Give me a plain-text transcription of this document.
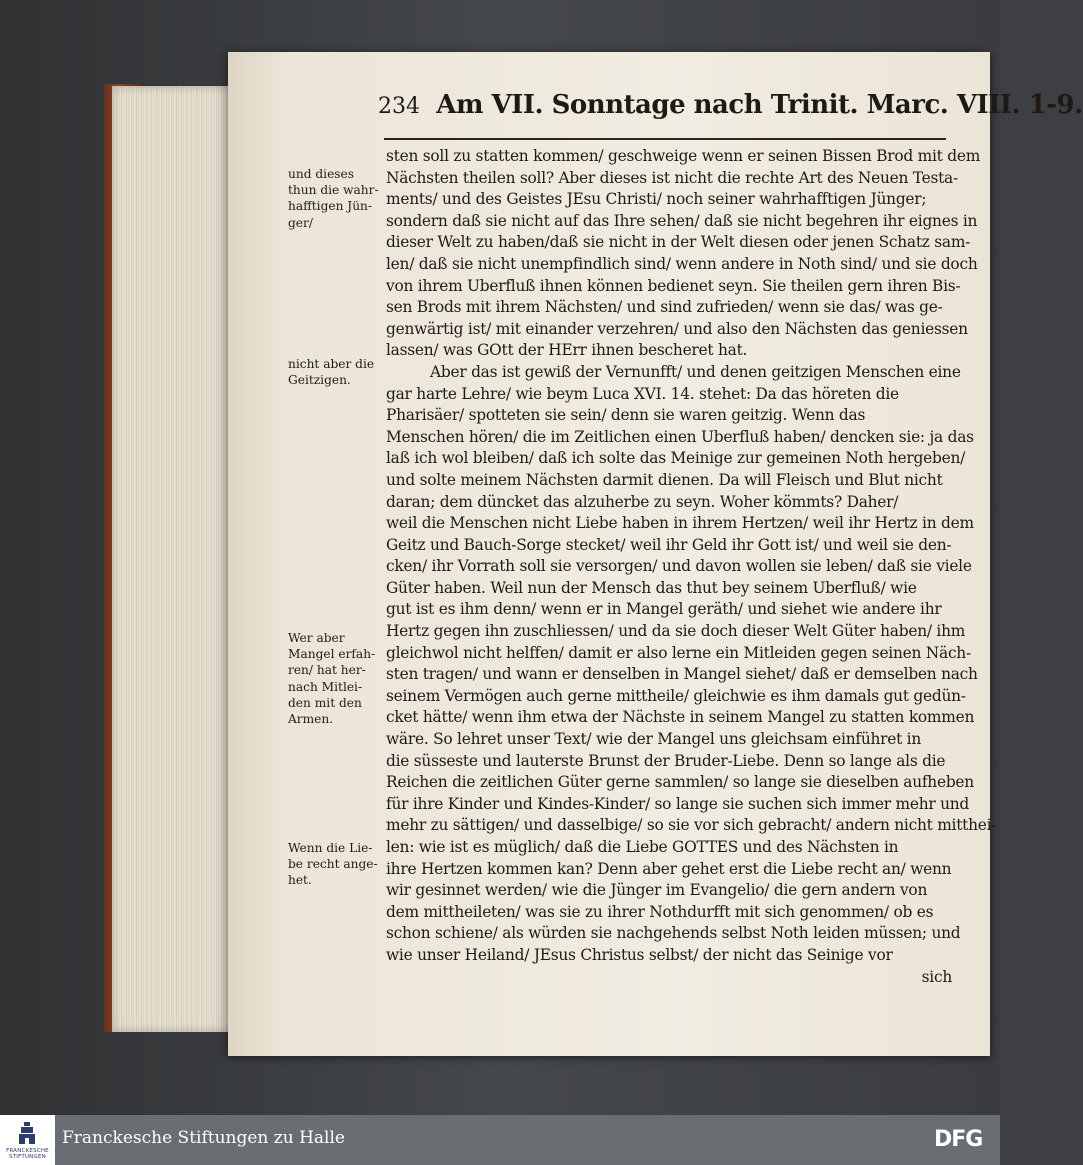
234 Am VII. Sonntage nach Trinit. Marc. VIII. 1-9.
und dieses
thun die wahr-
hafftigen Jün-
ger/
nicht aber die
Geitzigen.
Wer aber
Mangel erfah-
ren/ hat her-
nach Mitlei-
den mit den
Armen.
Wenn die Lie-
be recht ange-
het.
sten soll zu statten kommen/ geschweige wenn er seinen Bissen Brod mit dem
Nächsten theilen soll? Aber dieses ist nicht die rechte Art des Neuen Testa-
ments/ und des Geistes JEsu Christi/ noch seiner wahrhafftigen Jünger;
sondern daß sie nicht auf das Ihre sehen/ daß sie nicht begehren ihr eignes in
dieser Welt zu haben/daß sie nicht in der Welt diesen oder jenen Schatz sam-
len/ daß sie nicht unempfindlich sind/ wenn andere in Noth sind/ und sie doch
von ihrem Uberfluß ihnen können bedienet seyn. Sie theilen gern ihren Bis-
sen Brods mit ihrem Nächsten/ und sind zufrieden/ wenn sie das/ was ge-
genwärtig ist/ mit einander verzehren/ und also den Nächsten das geniessen
lassen/ was GOtt der HErr ihnen bescheret hat.
Aber das ist gewiß der Vernunfft/ und denen geitzigen Menschen eine
gar harte Lehre/ wie beym Luca XVI. 14. stehet: Da das höreten die
Pharisäer/ spotteten sie sein/ denn sie waren geitzig. Wenn das
Menschen hören/ die im Zeitlichen einen Uberfluß haben/ dencken sie: ja das
laß ich wol bleiben/ daß ich solte das Meinige zur gemeinen Noth hergeben/
und solte meinem Nächsten darmit dienen. Da will Fleisch und Blut nicht
daran; dem düncket das alzuherbe zu seyn. Woher kömmts? Daher/
weil die Menschen nicht Liebe haben in ihrem Hertzen/ weil ihr Hertz in dem
Geitz und Bauch-Sorge stecket/ weil ihr Geld ihr Gott ist/ und weil sie den-
cken/ ihr Vorrath soll sie versorgen/ und davon wollen sie leben/ daß sie viele
Güter haben. Weil nun der Mensch das thut bey seinem Uberfluß/ wie
gut ist es ihm denn/ wenn er in Mangel geräth/ und siehet wie andere ihr
Hertz gegen ihn zuschliessen/ und da sie doch dieser Welt Güter haben/ ihm
gleichwol nicht helffen/ damit er also lerne ein Mitleiden gegen seinen Näch-
sten tragen/ und wann er denselben in Mangel siehet/ daß er demselben nach
seinem Vermögen auch gerne mittheile/ gleichwie es ihm damals gut gedün-
cket hätte/ wenn ihm etwa der Nächste in seinem Mangel zu statten kommen
wäre. So lehret unser Text/ wie der Mangel uns gleichsam einführet in
die süsseste und lauterste Brunst der Bruder-Liebe. Denn so lange als die
Reichen die zeitlichen Güter gerne sammlen/ so lange sie dieselben aufheben
für ihre Kinder und Kindes-Kinder/ so lange sie suchen sich immer mehr und
mehr zu sättigen/ und dasselbige/ so sie vor sich gebracht/ andern nicht mitthei-
len: wie ist es müglich/ daß die Liebe GOTTES und des Nächsten in
ihre Hertzen kommen kan? Denn aber gehet erst die Liebe recht an/ wenn
wir gesinnet werden/ wie die Jünger im Evangelio/ die gern andern von
dem mittheileten/ was sie zu ihrer Nothdurfft mit sich genommen/ ob es
schon schiene/ als würden sie nachgehends selbst Noth leiden müssen; und
wie unser Heiland/ JEsus Christus selbst/ der nicht das Seinige vor
sich
FRANCKESCHE STIFTUNGEN
Franckesche Stiftungen zu Halle	DFG
